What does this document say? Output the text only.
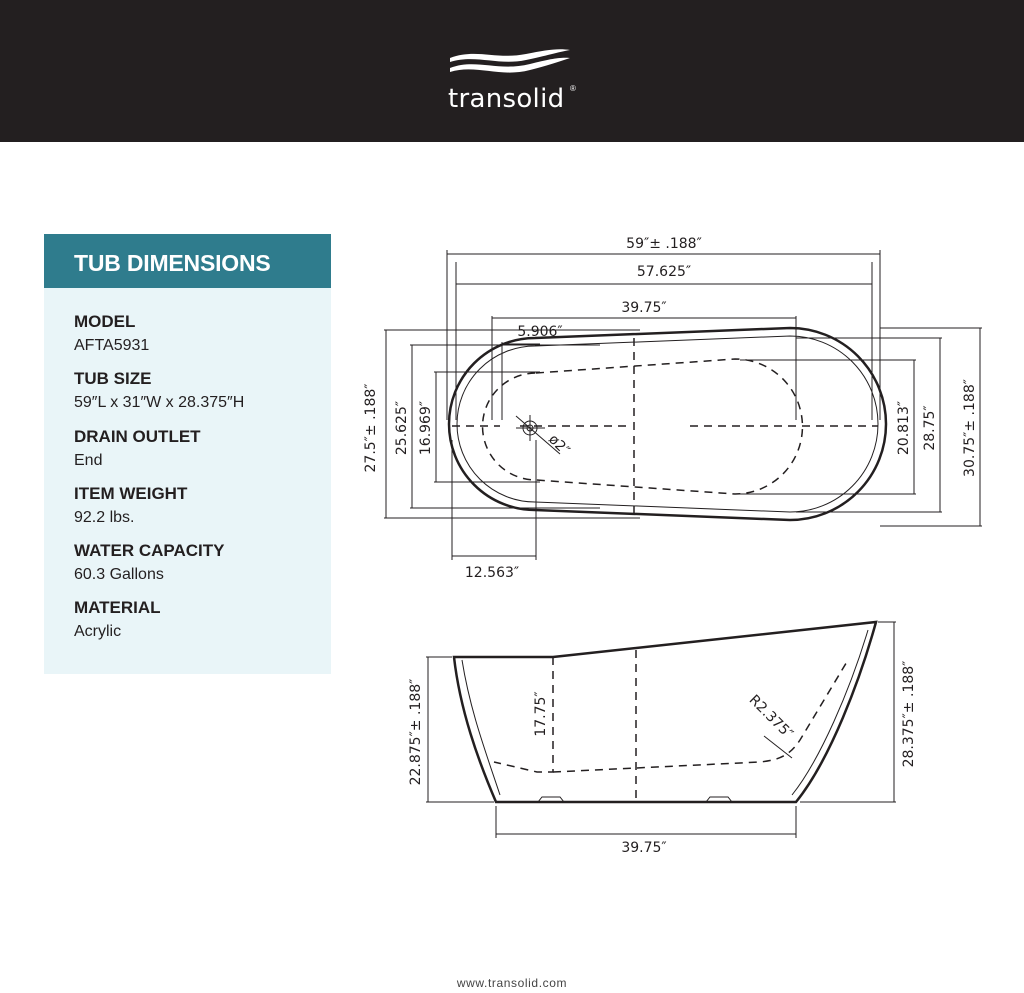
transolid ®
TUB DIMENSIONS
MODEL
AFTA5931
TUB SIZE
59″L x 31″W x 28.375″H
DRAIN OUTLET
End
ITEM WEIGHT
92.2 lbs.
WATER CAPACITY
60.3 Gallons
MATERIAL
Acrylic
59″± .188″
57.625″
39.75″
5.906″
12.563″
ø2″
27.5″± .188″ 25.625″ 16.969″	20.813″ 28.75″ 30.75″± .188″
22.875″± .188″	28.375″± .188″
17.75″	R2.375″
39.75″
www.transolid.com
